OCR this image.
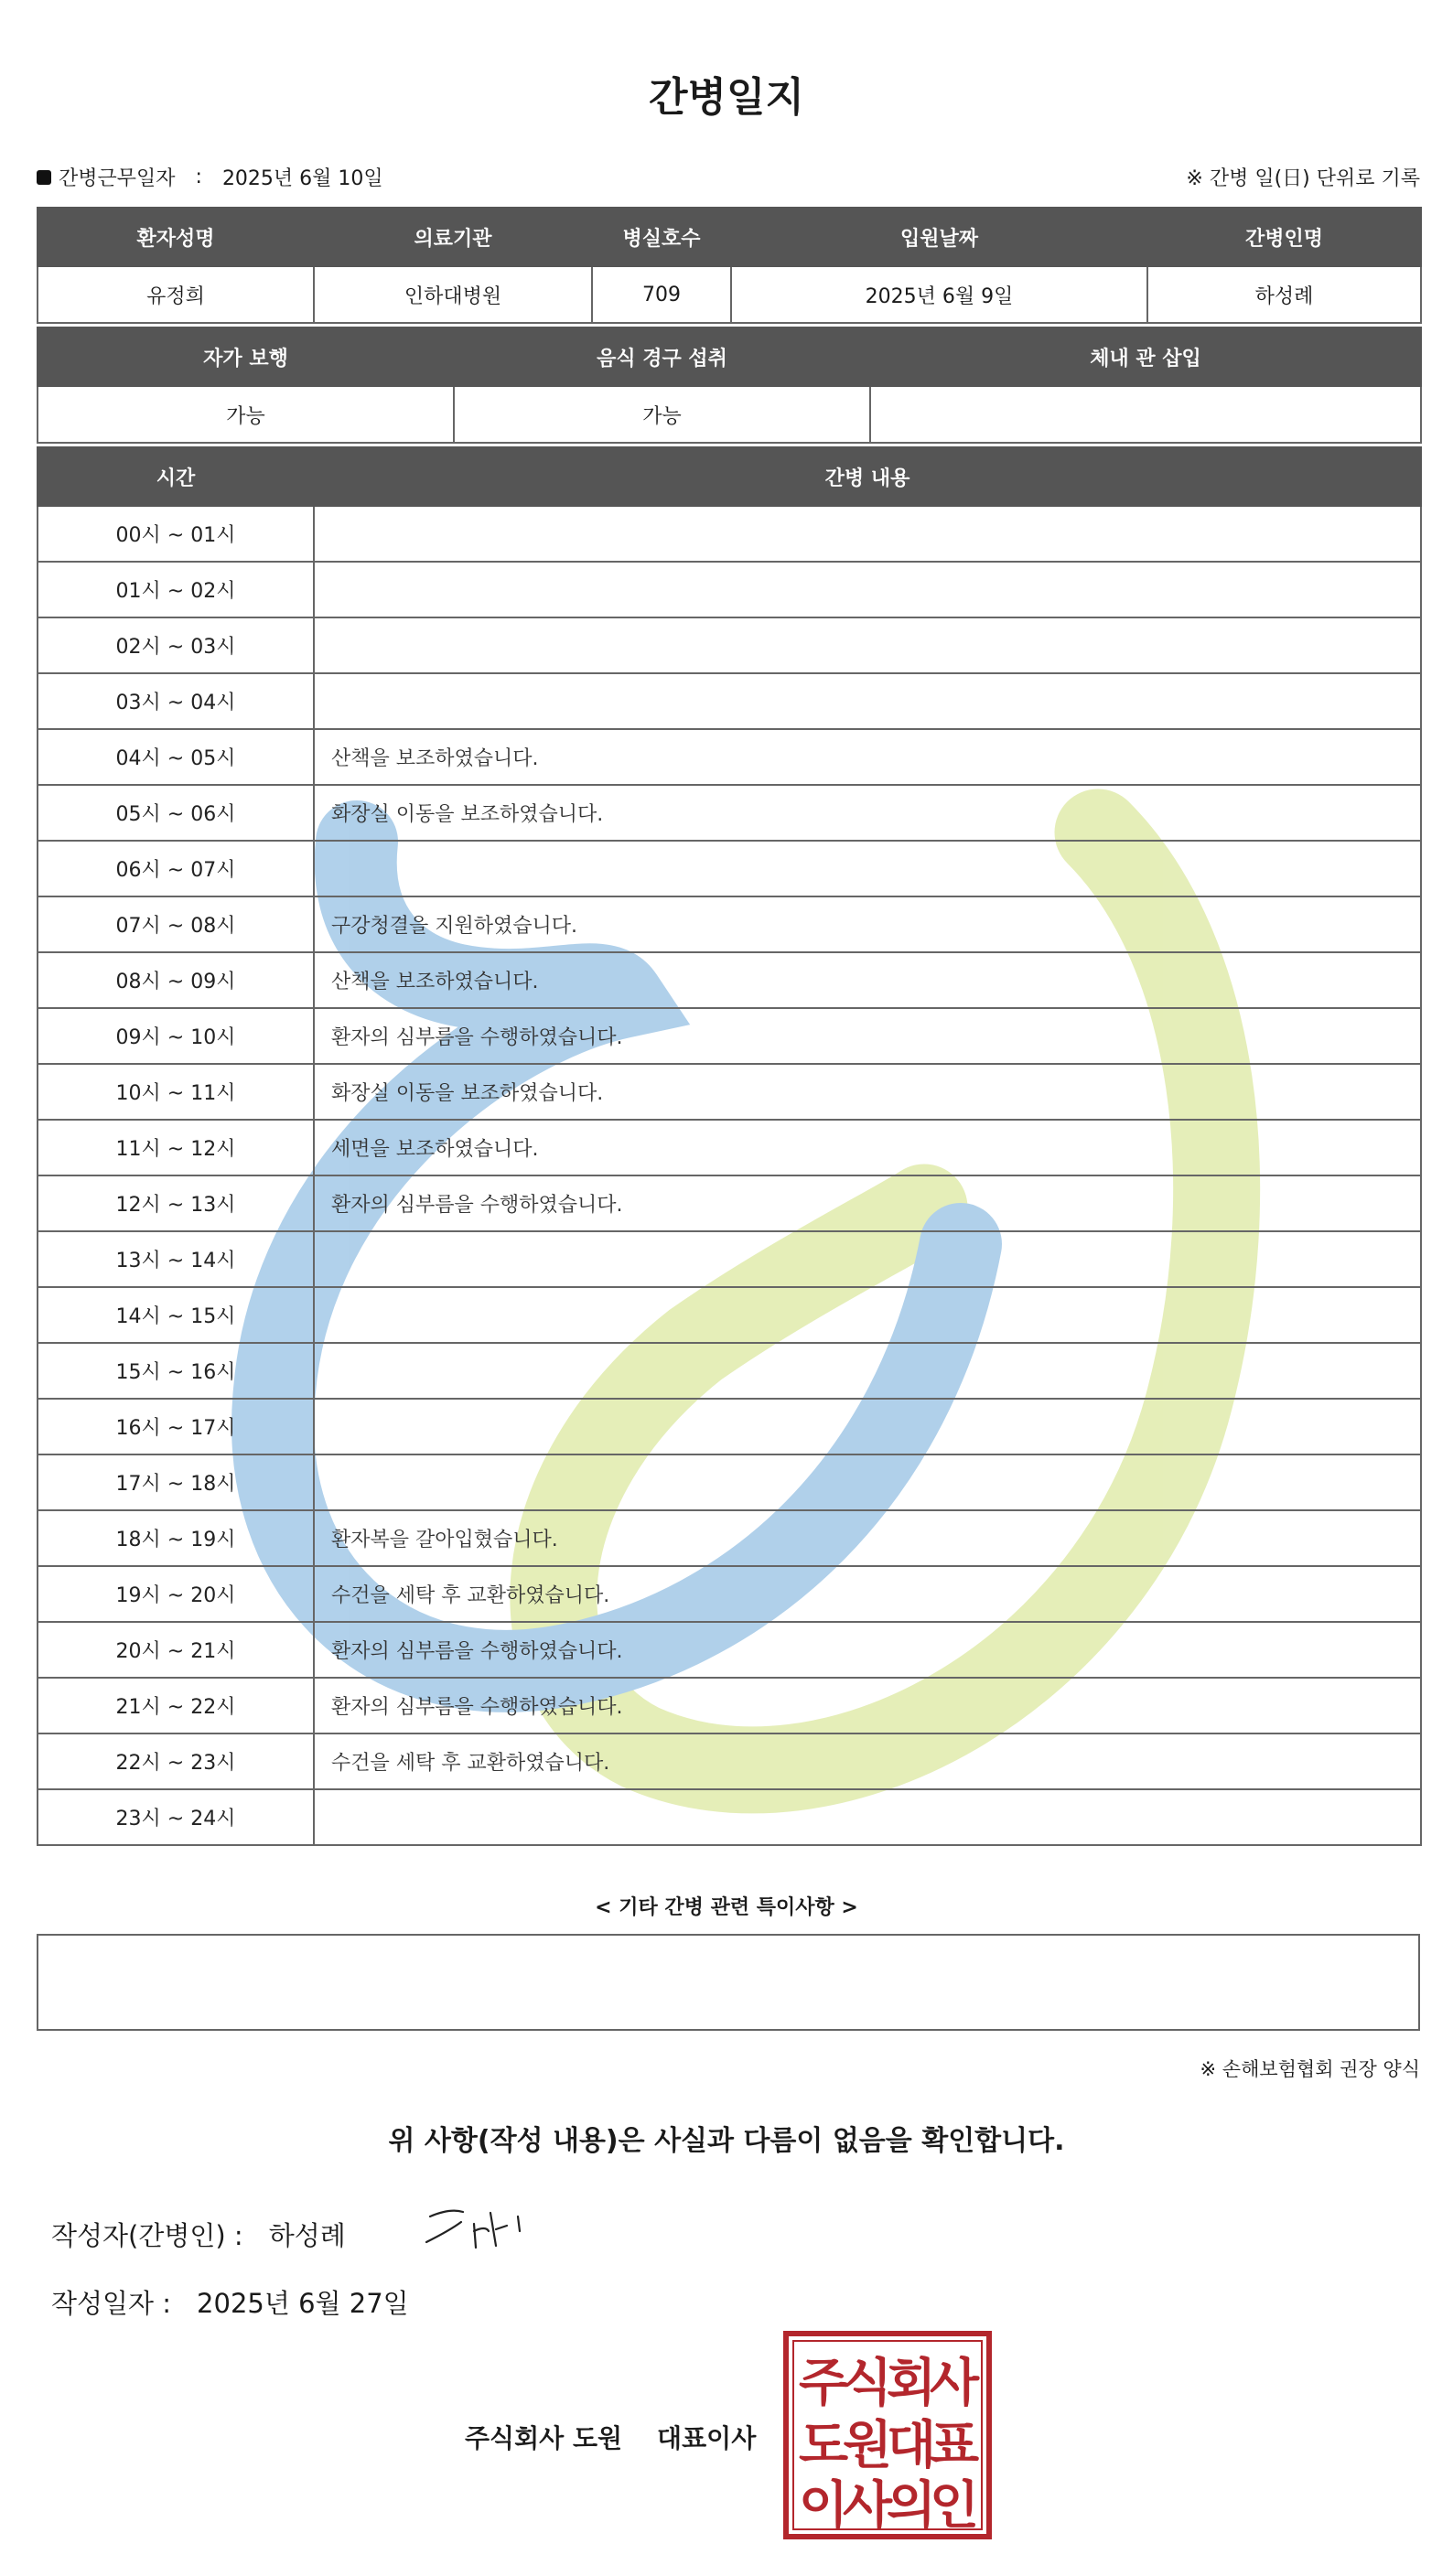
간병일지
간병근무일자 : 2025년 6월 10일	※ 간병 일(日) 단위로 기록
환자성명	의료기관	병실호수	입원날짜	간병인명
유정희	인하대병원	709	2025년 6월 9일	하성례
자가 보행	음식 경구 섭취	체내 관 삽입
가능	가능	
시간	간병 내용
00시 ~ 01시	
01시 ~ 02시	
02시 ~ 03시	
03시 ~ 04시	
04시 ~ 05시	산책을 보조하였습니다.
05시 ~ 06시	화장실 이동을 보조하였습니다.
06시 ~ 07시	
07시 ~ 08시	구강청결을 지원하였습니다.
08시 ~ 09시	산책을 보조하였습니다.
09시 ~ 10시	환자의 심부름을 수행하였습니다.
10시 ~ 11시	화장실 이동을 보조하였습니다.
11시 ~ 12시	세면을 보조하였습니다.
12시 ~ 13시	환자의 심부름을 수행하였습니다.
13시 ~ 14시	
14시 ~ 15시	
15시 ~ 16시	
16시 ~ 17시	
17시 ~ 18시	
18시 ~ 19시	환자복을 갈아입혔습니다.
19시 ~ 20시	수건을 세탁 후 교환하였습니다.
20시 ~ 21시	환자의 심부름을 수행하였습니다.
21시 ~ 22시	환자의 심부름을 수행하였습니다.
22시 ~ 23시	수건을 세탁 후 교환하였습니다.
23시 ~ 24시	
< 기타 간병 관련 특이사항 >
※ 손해보험협회 권장 양식
위 사항(작성 내용)은 사실과 다름이 없음을 확인합니다.
작성자(간병인) : 하성례
작성일자 : 2025년 6월 27일
주식회사 도원 대표이사
주
식
회
사
도
원
대
표
이
사
의
인
